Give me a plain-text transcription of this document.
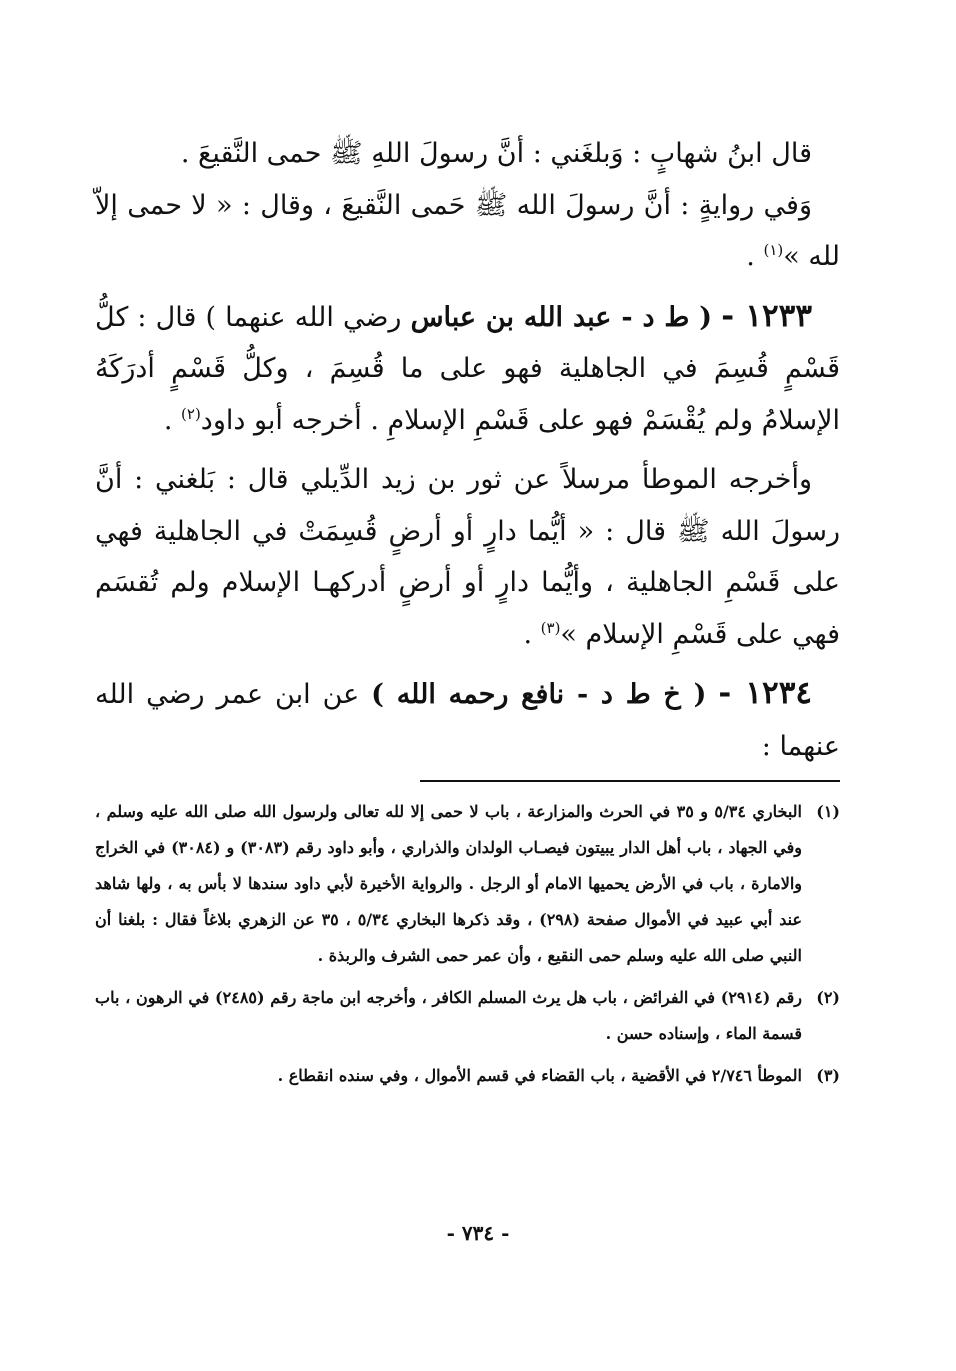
قال ابنُ شهابٍ : وَبلغَني : أنَّ رسولَ اللهِ ﷺ حمى النَّقيعَ .

وَفي روايةٍ : أنَّ رسولَ الله ﷺ حَمى النَّقيعَ ، وقال : « لا حمى إلاّ لله »$^{(١)}$ .

١٢٣٣ - ( ط د - عبد الله بن عباس رضي الله عنهما ) قال : كلُّ قَسْمٍ قُسِمَ في الجاهلية فهو على ما قُسِمَ ، وكلُّ قَسْمٍ أدرَكَهُ الإسلامُ ولم يُقْسَمْ فهو على قَسْمِ الإسلامِ . أخرجه أبو داود$^{(٢)}$ .

وأخرجه الموطأ مرسلاً عن ثور بن زيد الدِّيلي قال : بَلغني : أنَّ رسولَ الله ﷺ قال : « أيُّما دارٍ أو أرضٍ قُسِمَتْ في الجاهلية فهي على قَسْمِ الجاهلية ، وأيُّما دارٍ أو أرضٍ أدركهـا الإسلام ولم تُقسَم فهي على قَسْمِ الإسلام »$^{(٣)}$ .

١٢٣٤ - ( خ ط د - نافع رحمه الله ) عن ابن عمر رضي الله عنهما :

(١)
البخاري ٥/٣٤ و ٣٥ في الحرث والمزارعة ، باب لا حمى إلا لله تعالى ولرسول الله صلى الله عليه وسلم ، وفي الجهاد ، باب أهل الدار يبيتون فيصـاب الولدان والذراري ، وأبو داود رقم (٣٠٨٣) و (٣٠٨٤) في الخراج والامارة ، باب في الأرض يحميها الامام أو الرجل . والرواية الأخيرة لأبي داود سندها لا بأس به ، ولها شاهد عند أبي عبيد في الأموال صفحة (٢٩٨) ، وقد ذكرها البخاري ٥/٣٤ ، ٣٥ عن الزهري بلاغاً فقال : بلغنا أن النبي صلى الله عليه وسلم حمى النقيع ، وأن عمر حمى الشرف والربذة .
(٢)
رقم (٢٩١٤) في الفرائض ، باب هل يرث المسلم الكافر ، وأخرجه ابن ماجة رقم (٢٤٨٥) في الرهون ، باب قسمة الماء ، وإسناده حسن .
(٣)
الموطأ ٢/٧٤٦ في الأقضية ، باب القضاء في قسم الأموال ، وفي سنده انقطاع .
- ٧٣٤ -
